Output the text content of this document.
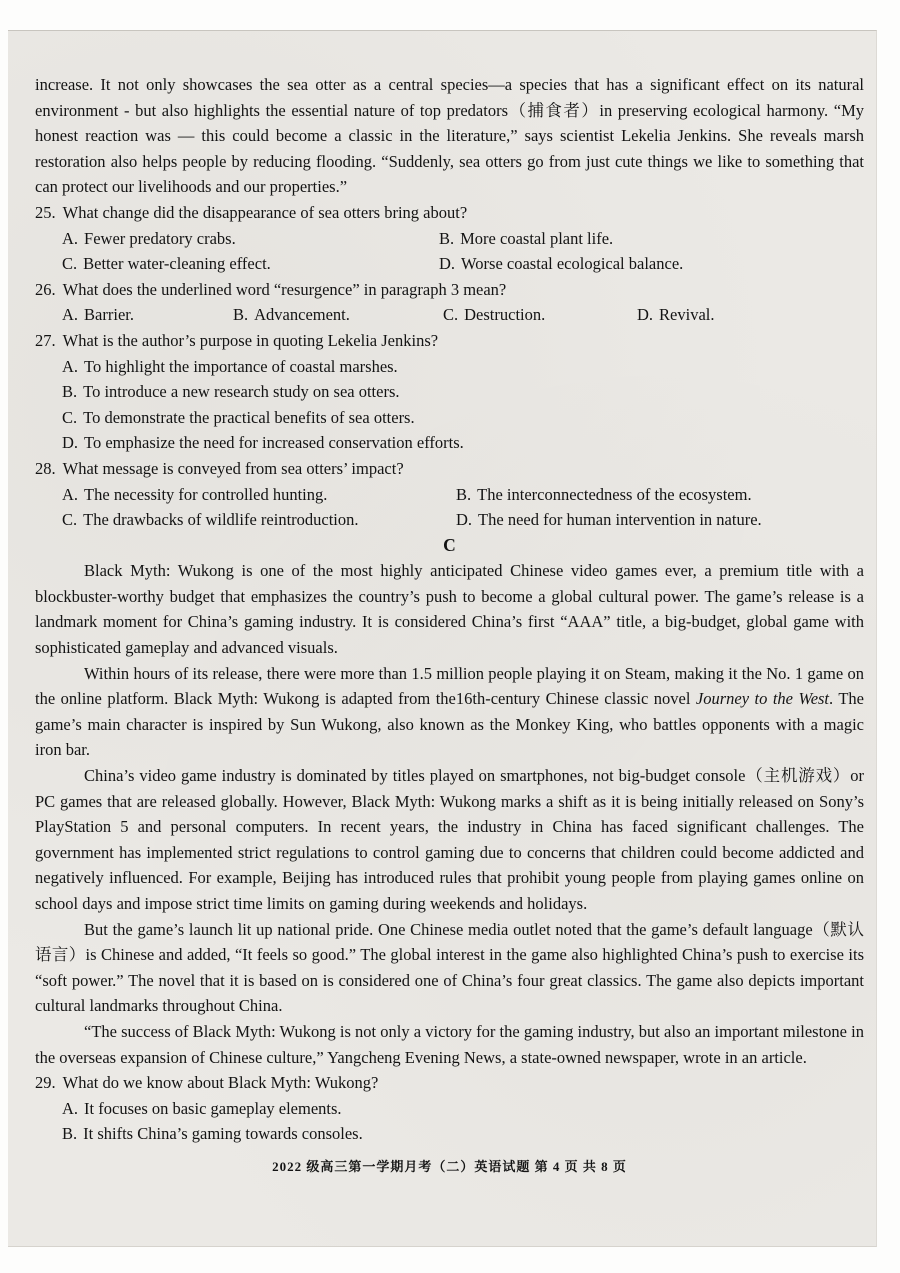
increase. It not only showcases the sea otter as a central species—a species that has a significant effect on its natural environment - but also highlights the essential nature of top predators（捕食者）in preserving ecological harmony. “My honest reaction was — this could become a classic in the literature,” says scientist Lekelia Jenkins. She reveals marsh restoration also helps people by reducing flooding. “Suddenly, sea otters go from just cute things we like to something that can protect our livelihoods and our properties.”

25. What change did the disappearance of sea otters bring about?
A. Fewer predatory crabs.	B. More coastal plant life.
C. Better water-cleaning effect.	D. Worse coastal ecological balance.
26. What does the underlined word “resurgence” in paragraph 3 mean?
A. Barrier.	B. Advancement.	C. Destruction.	D. Revival.
27. What is the author’s purpose in quoting Lekelia Jenkins?
A. To highlight the importance of coastal marshes.
B. To introduce a new research study on sea otters.
C. To demonstrate the practical benefits of sea otters.
D. To emphasize the need for increased conservation efforts.
28. What message is conveyed from sea otters’ impact?
A. The necessity for controlled hunting.	B. The interconnectedness of the ecosystem.
C. The drawbacks of wildlife reintroduction.	D. The need for human intervention in nature.
C

Black Myth: Wukong is one of the most highly anticipated Chinese video games ever, a premium title with a blockbuster-worthy budget that emphasizes the country’s push to become a global cultural power. The game’s release is a landmark moment for China’s gaming industry. It is considered China’s first “AAA” title, a big-budget, global game with sophisticated gameplay and advanced visuals.

Within hours of its release, there were more than 1.5 million people playing it on Steam, making it the No. 1 game on the online platform. Black Myth: Wukong is adapted from the16th-century Chinese classic novel Journey to the West. The game’s main character is inspired by Sun Wukong, also known as the Monkey King, who battles opponents with a magic iron bar.

China’s video game industry is dominated by titles played on smartphones, not big-budget console（主机游戏）or PC games that are released globally. However, Black Myth: Wukong marks a shift as it is being initially released on Sony’s PlayStation 5 and personal computers. In recent years, the industry in China has faced significant challenges. The government has implemented strict regulations to control gaming due to concerns that children could become addicted and negatively influenced. For example, Beijing has introduced rules that prohibit young people from playing games online on school days and impose strict time limits on gaming during weekends and holidays.

But the game’s launch lit up national pride. One Chinese media outlet noted that the game’s default language（默认语言）is Chinese and added, “It feels so good.” The global interest in the game also highlighted China’s push to exercise its “soft power.” The novel that it is based on is considered one of China’s four great classics. The game also depicts important cultural landmarks throughout China.

“The success of Black Myth: Wukong is not only a victory for the gaming industry, but also an important milestone in the overseas expansion of Chinese culture,” Yangcheng Evening News, a state-owned newspaper, wrote in an article.

29. What do we know about Black Myth: Wukong?
A. It focuses on basic gameplay elements.
B. It shifts China’s gaming towards consoles.
2022 级高三第一学期月考（二）英语试题 第 4 页 共 8 页
